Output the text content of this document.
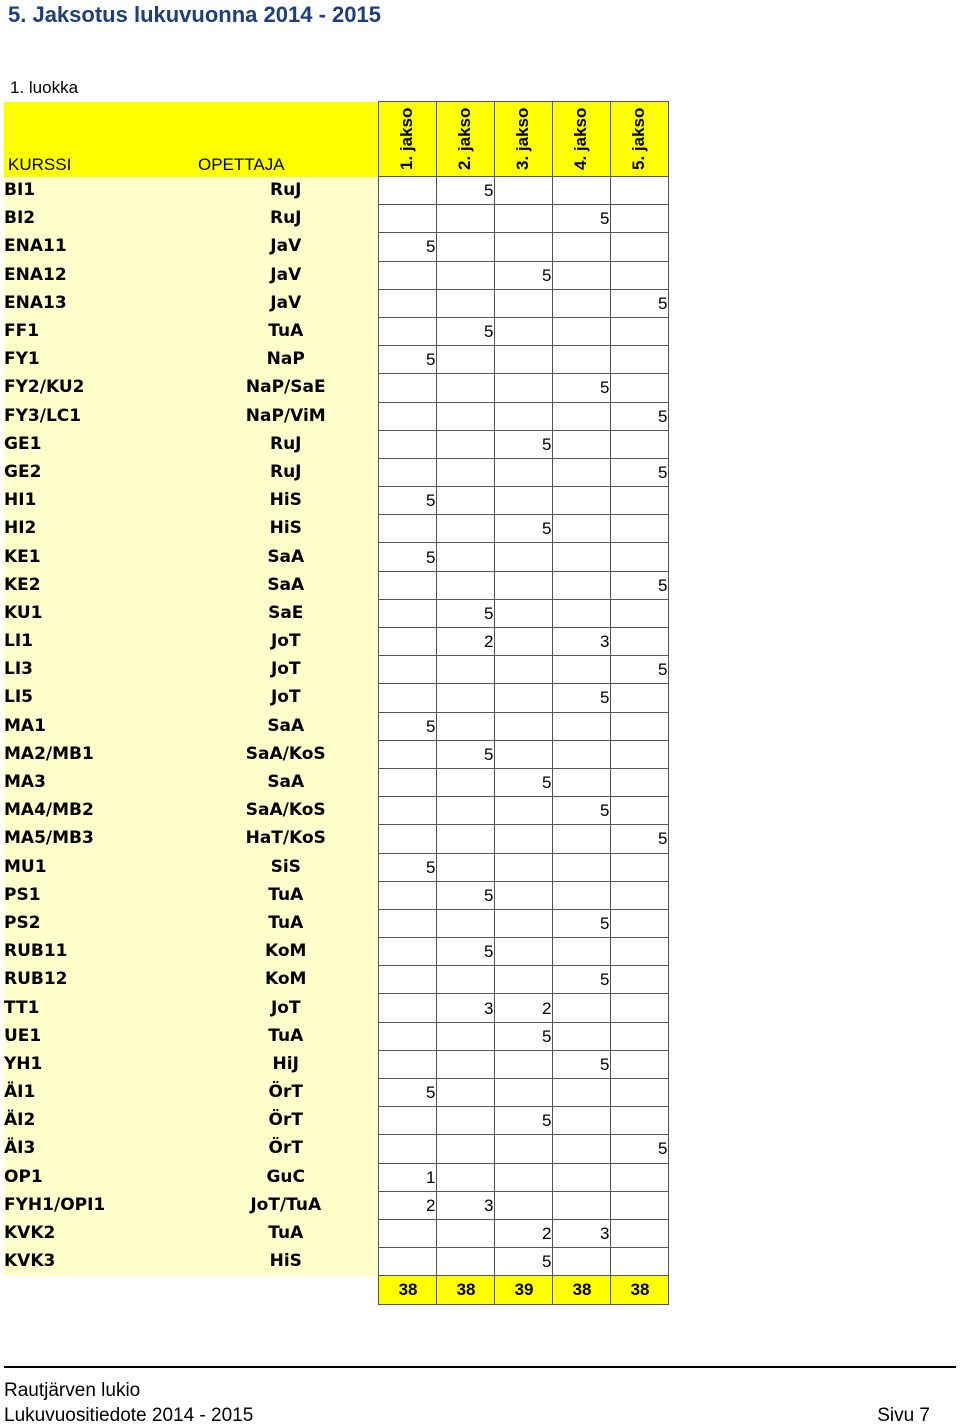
5. Jaksotus lukuvuonna 2014 - 2015
1. luokka
KURSSI	OPETTAJA	1. jakso	2. jakso	3. jakso	4. jakso	5. jakso

BI1	RuJ		5			
BI2	RuJ				5	
ENA11	JaV	5				
ENA12	JaV			5		
ENA13	JaV					5
FF1	TuA		5			
FY1	NaP	5				
FY2/KU2	NaP/SaE				5	
FY3/LC1	NaP/ViM					5
GE1	RuJ			5		
GE2	RuJ					5
HI1	HiS	5				
HI2	HiS			5		
KE1	SaA	5				
KE2	SaA					5
KU1	SaE		5			
LI1	JoT		2		3	
LI3	JoT					5
LI5	JoT				5	
MA1	SaA	5				
MA2/MB1	SaA/KoS		5			
MA3	SaA			5		
MA4/MB2	SaA/KoS				5	
MA5/MB3	HaT/KoS					5
MU1	SiS	5				
PS1	TuA		5			
PS2	TuA				5	
RUB11	KoM		5			
RUB12	KoM				5	
TT1	JoT		3	2		
UE1	TuA			5		
YH1	HiJ				5	
ÄI1	ÖrT	5				
ÄI2	ÖrT			5		
ÄI3	ÖrT					5
OP1	GuC	1				
FYH1/OPI1	JoT/TuA	2	3			
KVK2	TuA			2	3	
KVK3	HiS			5		
		38	38	39	38	38
Rautjärven lukio
Lukuvuositiedote 2014 - 2015	Sivu 7
